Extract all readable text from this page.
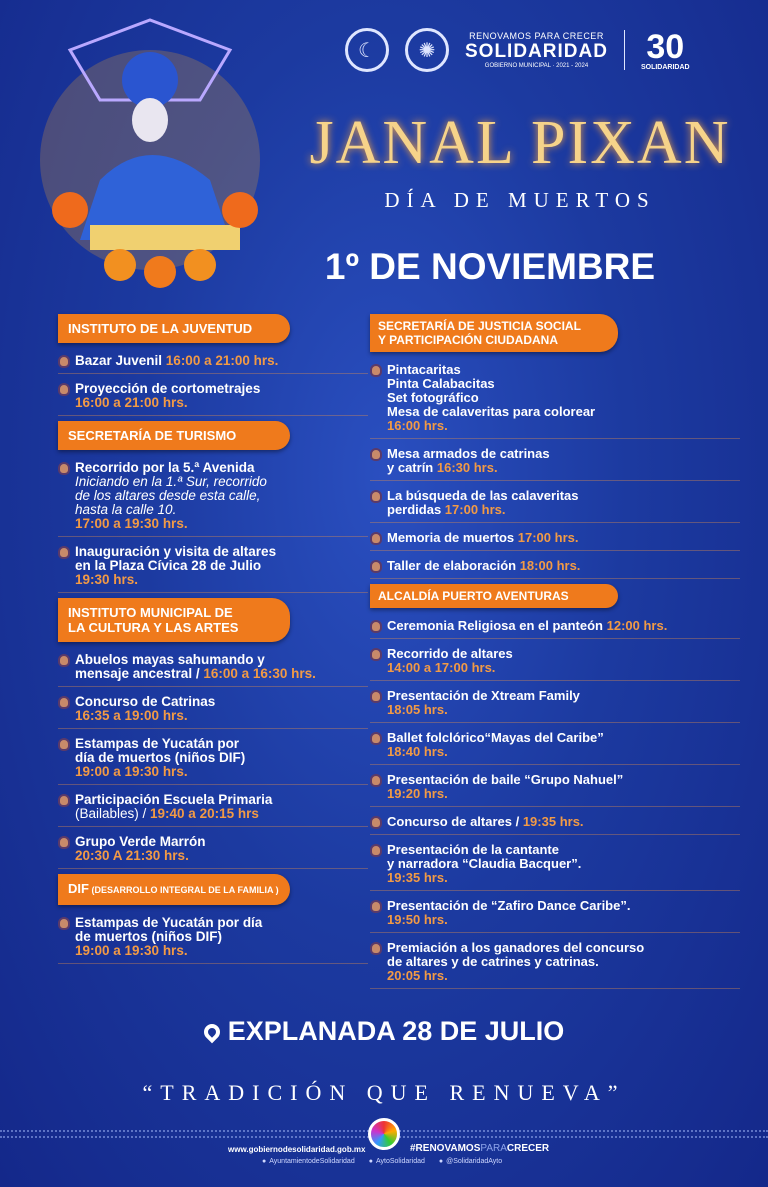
☾	✺
RENOVAMOS PARA CRECER
SOLIDARIDAD
GOBIERNO MUNICIPAL · 2021 - 2024
30
SOLIDARIDAD
JANAL PIXAN
DÍA DE MUERTOS
1º DE NOVIEMBRE
INSTITUTO DE LA JUVENTUD
Bazar Juvenil 16:00 a 21:00 hrs.
Proyección de cortometrajes
16:00 a 21:00 hrs.
SECRETARÍA DE TURISMO
Recorrido por la 5.ª Avenida
Iniciando en la 1.ª Sur, recorrido
de los altares desde esta calle,
hasta la calle 10.
17:00 a 19:30 hrs.
Inauguración y visita de altares
en la Plaza Cívica 28 de Julio
19:30 hrs.
INSTITUTO MUNICIPAL DE
LA CULTURA Y LAS ARTES
Abuelos mayas sahumando y
mensaje ancestral / 16:00 a 16:30 hrs.
Concurso de Catrinas
16:35 a 19:00 hrs.
Estampas de Yucatán por
día de muertos (niños DIF)
19:00 a 19:30 hrs.
Participación Escuela Primaria
(Bailables) / 19:40 a 20:15 hrs
Grupo Verde Marrón
20:30 A 21:30 hrs.
DIF (DESARROLLO INTEGRAL DE LA FAMILIA )
Estampas de Yucatán por día
de muertos (niños DIF)
19:00 a 19:30 hrs.
SECRETARÍA DE JUSTICIA SOCIAL
Y PARTICIPACIÓN CIUDADANA
Pintacaritas
Pinta Calabacitas
Set fotográfico
Mesa de calaveritas para colorear
16:00 hrs.
Mesa armados de catrinas
y catrín 16:30 hrs.
La búsqueda de las calaveritas
perdidas 17:00 hrs.
Memoria de muertos 17:00 hrs.
Taller de elaboración 18:00 hrs.
ALCALDÍA PUERTO AVENTURAS
Ceremonia Religiosa en el panteón 12:00 hrs.
Recorrido de altares
14:00 a 17:00 hrs.
Presentación de Xtream Family
18:05 hrs.
Ballet folclórico“Mayas del Caribe”
18:40 hrs.
Presentación de baile “Grupo Nahuel”
19:20 hrs.
Concurso de altares / 19:35 hrs.
Presentación de la cantante
y narradora “Claudia Bacquer”.
19:35 hrs.
Presentación de “Zafiro Dance Caribe”.
19:50 hrs.
Premiación a los ganadores del concurso
de altares y de catrines y catrinas.
20:05 hrs.
EXPLANADA 28 DE JULIO
“TRADICIÓN QUE RENUEVA”
www.gobiernodesolidaridad.gob.mx	#RENOVAMOSPARACRECER
● AyuntamientodeSolidaridad	● AytoSolidaridad	● @SolidaridadAyto
